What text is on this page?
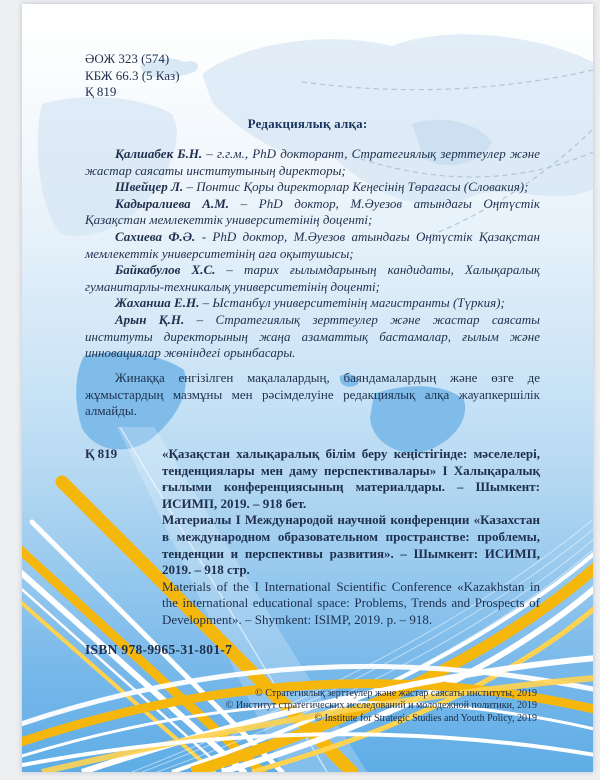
ӘОЖ 323 (574)
КБЖ 66.3 (5 Каз)
Қ 819
Редакциялық алқа:

Қалшабек Б.Н. – г.г.м., PhD докторант, Стратегиялық зерттеулер және жастар саясаты институтының директоры;

Швейцер Л. – Понтис Қоры директорлар Кеңесінің Төрағасы (Словакия);

Кадыралиева А.М. – PhD доктор, М.Әуезов атындағы Оңтүстік Қазақстан мемлекеттік университетінің доценті;

Сахиева Ф.Ә. - PhD доктор, М.Әуезов атындағы Оңтүстік Қазақстан мемлекеттік университетінің аға оқытушысы;

Байкабулов Х.С. – тарих ғылымдарының кандидаты, Халықаралық гуманитарлы-техникалық университетінің доценті;

Жаханша Е.Н. – Ыстанбұл университетінің магистранты (Түркия);

Арын Қ.Н. – Стратегиялық зерттеулер және жастар саясаты институты директорының жаңа азаматтық бастамалар, ғылым және инновациялар жөніндегі орынбасары.

Жинаққа енгізілген мақалалардың, баяндамалардың және өзге де жұмыстардың мазмұны мен рәсімделуіне редакциялық алқа жауапкершілік алмайды.
Қ 819	«Қазақстан халықаралық білім беру кеңістігінде: мәселелері, тенденциялары мен даму перспективалары» I Халықаралық ғылыми конференциясының материалдары. – Шымкент: ИСИМП, 2019. – 918 бет.

Материалы I Международой научной конференции «Казахстан в международном образовательном пространстве: проблемы, тенденции и перспективы развития». – Шымкент: ИСИМП, 2019. – 918 стр.

Materials of the I International Scientific Conference «Kazakhstan in the international educational space: Problems, Trends and Prospects of Development». – Shymkent: ISIMP, 2019. p. – 918.

ISBN 978-9965-31-801-7
© Стратегиялық зерттеулер және жастар саясаты институты, 2019
© Институт стратегических исследований и молодежной политики, 2019
© Institute for Strategic Studies and Youth Policy, 2019
